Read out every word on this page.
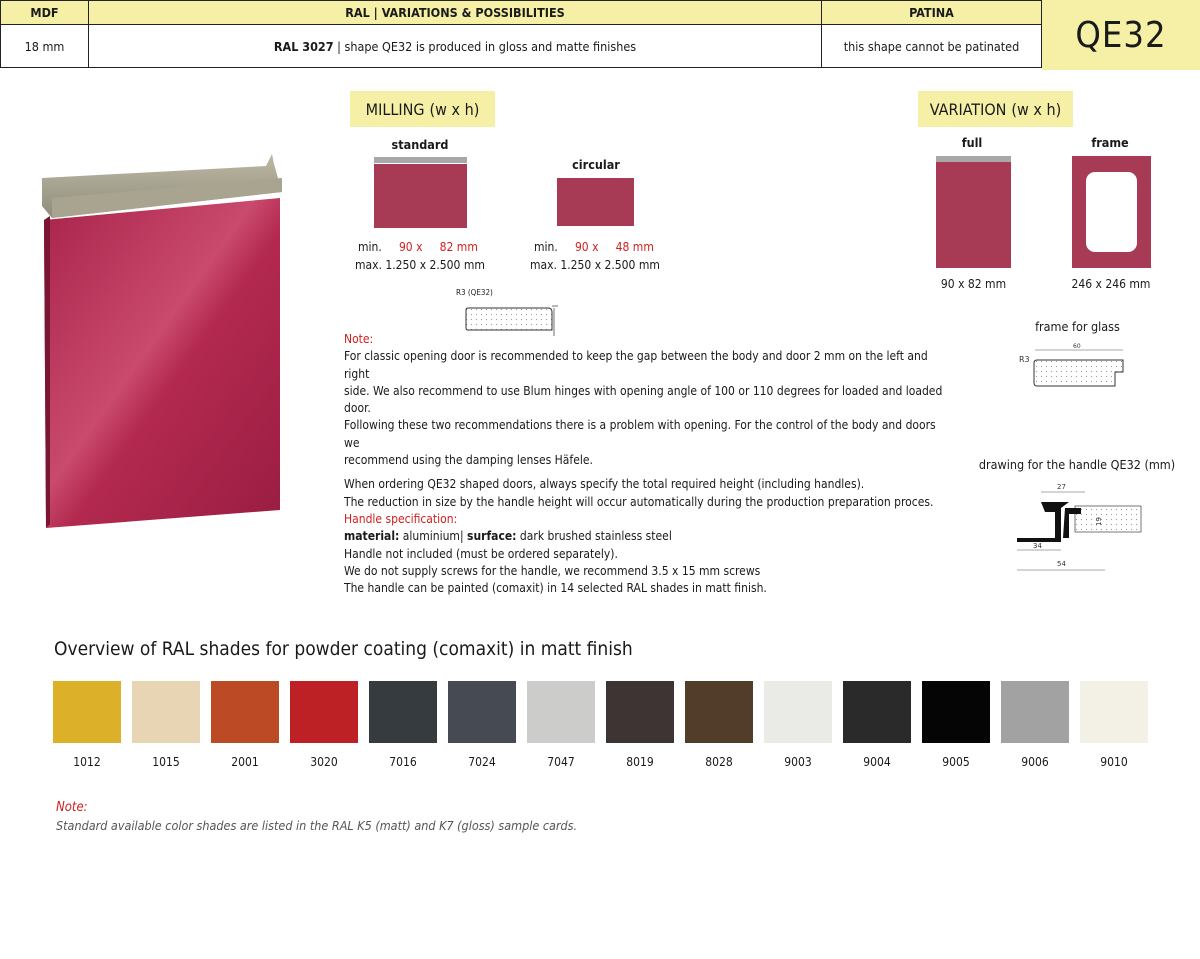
MDF	RAL | VARIATIONS & POSSIBILITIES	PATINA
18 mm	RAL 3027 | shape QE32 is produced in gloss and matte finishes	this shape cannot be patinated	QE32
MILLING (w x h)
standard
min. 90 x 82 mm
max. 1.250 x 2.500 mm
circular
min. 90 x 48 mm
max. 1.250 x 2.500 mm
R3 (QE32)
VARIATION (w x h)
full
90 x 82 mm
frame
246 x 246 mm
frame for glass
R3
60
drawing for the handle QE32 (mm)
27
19
34
54
Note:
For classic opening door is recommended to keep the gap between the body and door 2 mm on the left and right
side. We also recommend to use Blum hinges with opening angle of 100 or 110 degrees for loaded and loaded door.
Following these two recommendations there is a problem with opening. For the control of the body and doors we
recommend using the damping lenses Häfele.
When ordering QE32 shaped doors, always specify the total required height (including handles).
The reduction in size by the handle height will occur automatically during the production preparation proces.
Handle specification:
material: aluminium| surface: dark brushed stainless steel
Handle not included (must be ordered separately).
We do not supply screws for the handle, we recommend 3.5 x 15 mm screws
The handle can be painted (comaxit) in 14 selected RAL shades in matt finish.
Overview of RAL shades for powder coating (comaxit) in matt finish
1012	1015	2001	3020	7016	7024	7047	8019	8028	9003	9004	9005	9006	9010
Note:
Standard available color shades are listed in the RAL K5 (matt) and K7 (gloss) sample cards.
